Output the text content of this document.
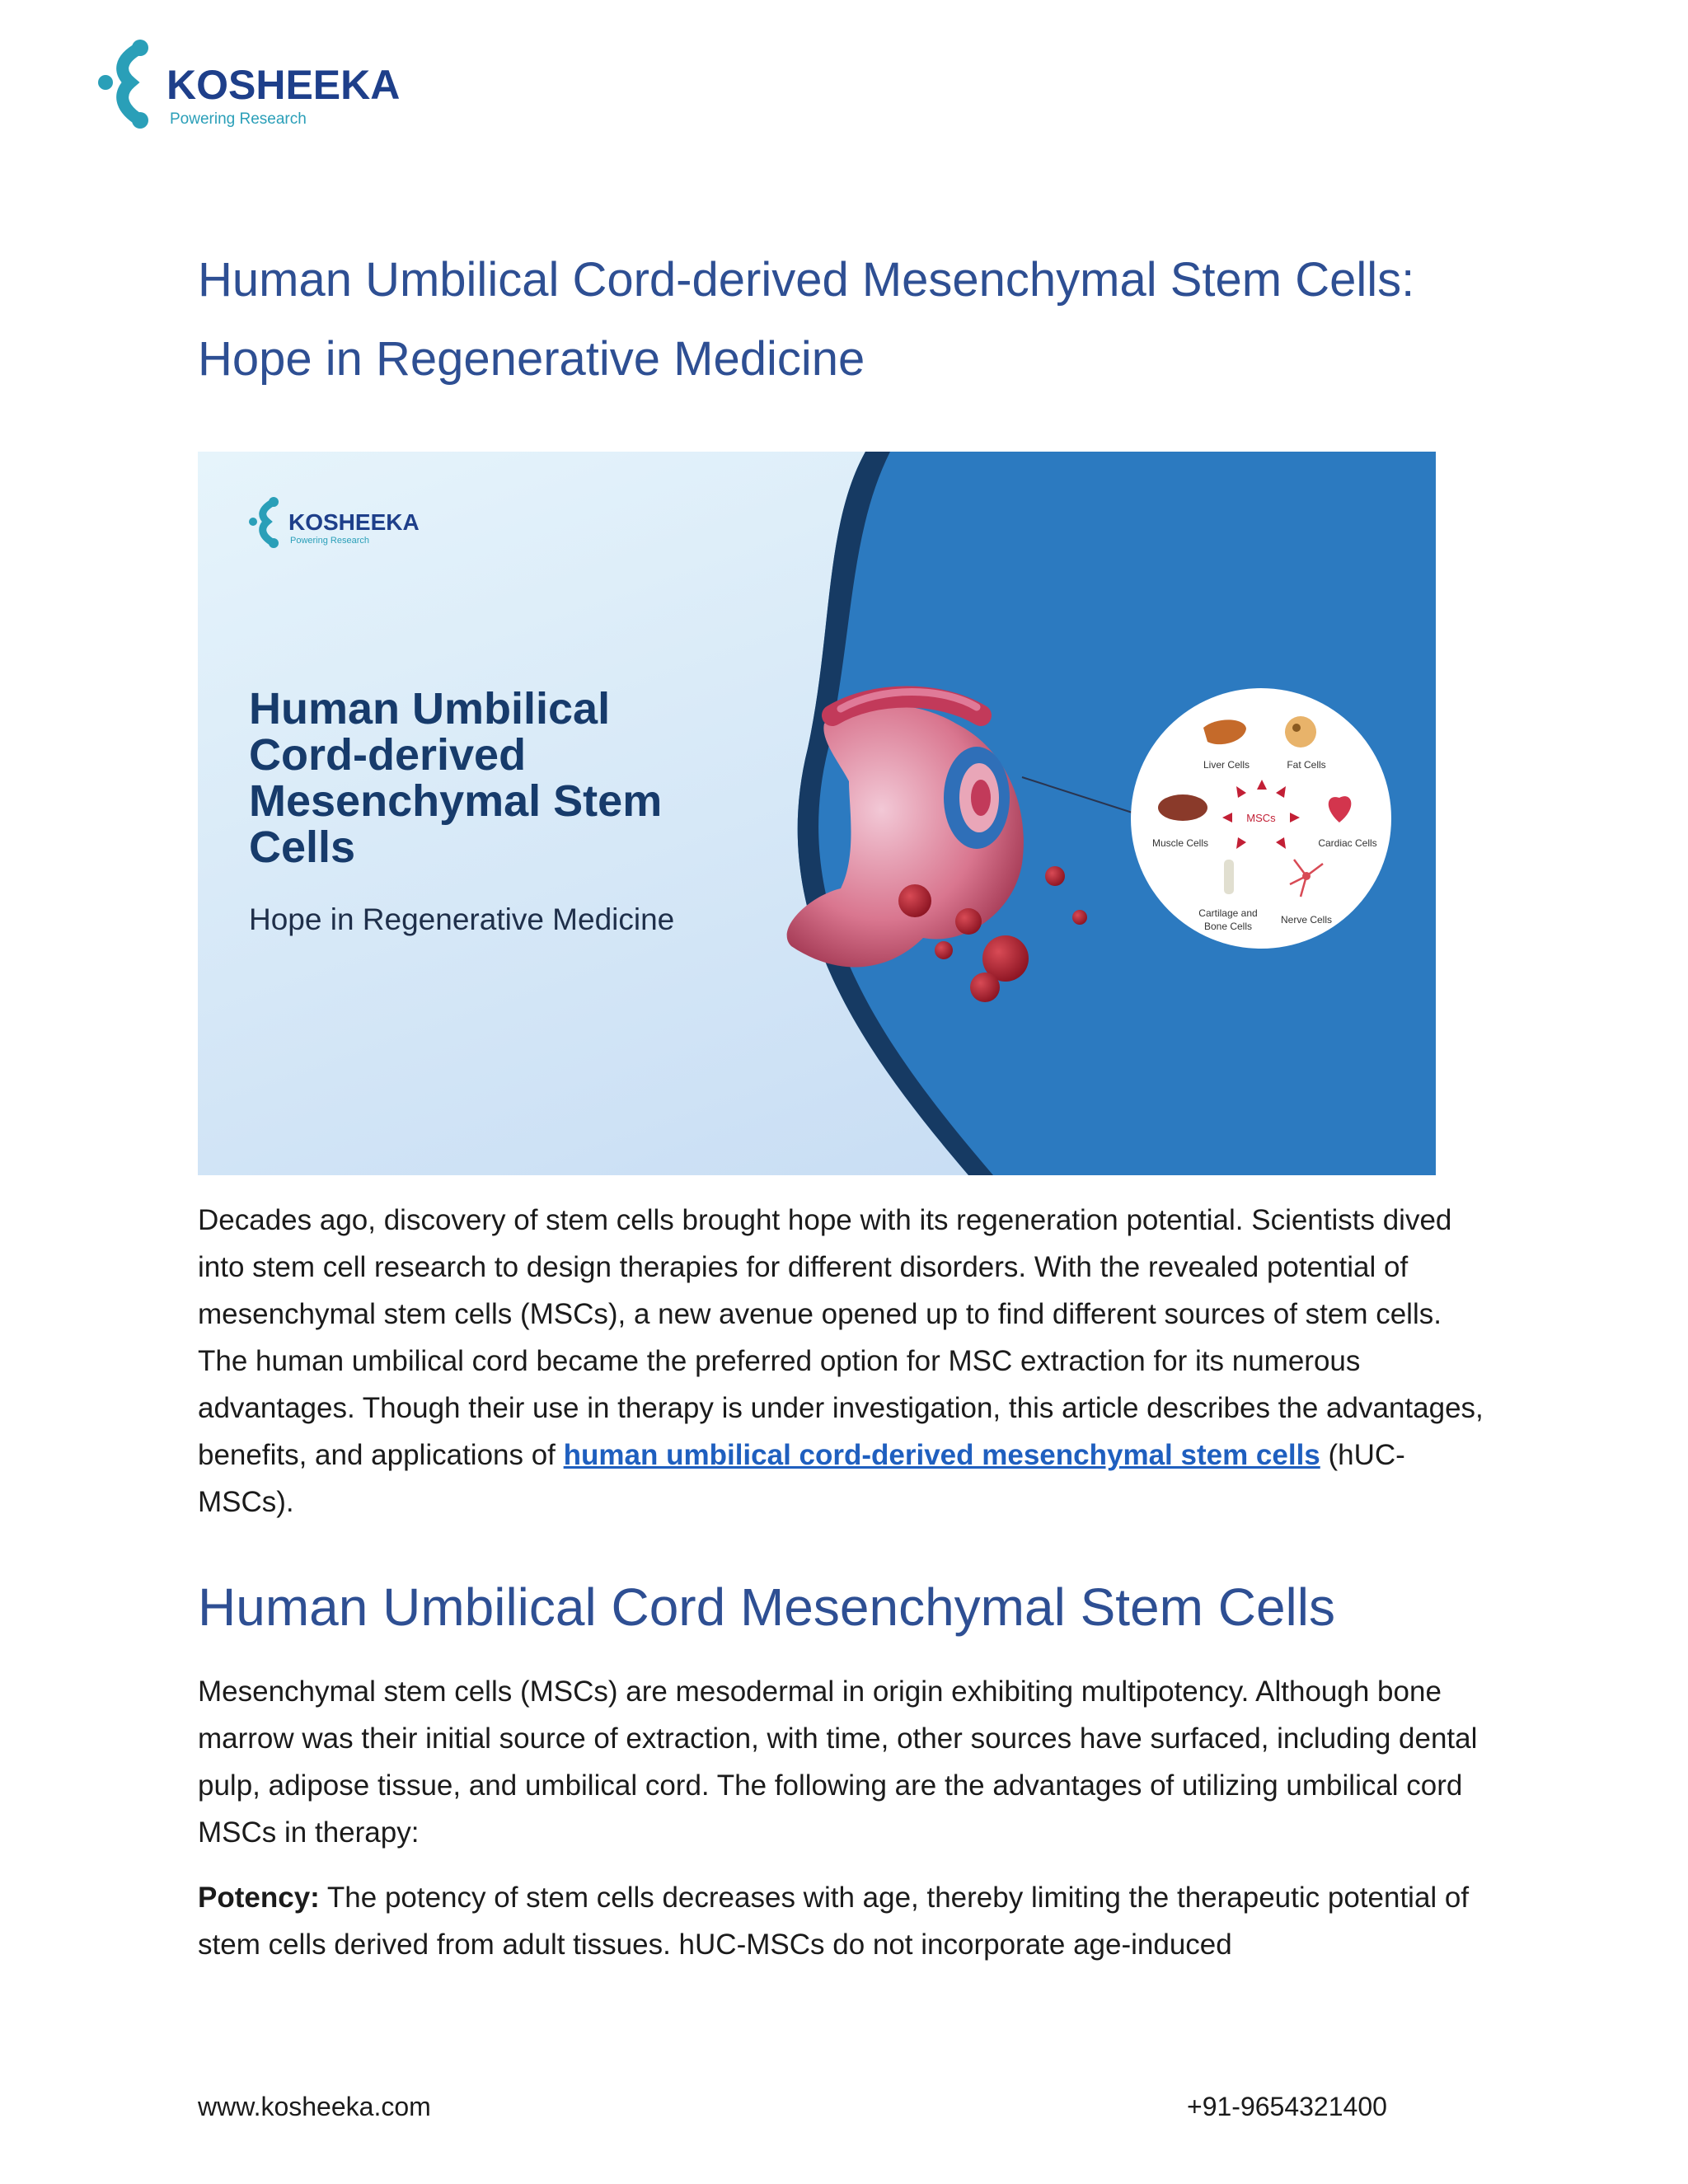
KOSHEEKA
Powering Research
Human Umbilical Cord-derived Mesenchymal Stem Cells:
Hope in Regenerative Medicine
KOSHEEKA
Powering Research
Human Umbilical
Cord-derived
Mesenchymal Stem
Cells
Hope in Regenerative Medicine
MSCs
Liver Cells	Fat Cells
Muscle Cells	Cardiac Cells
Cartilage and
Bone Cells
Nerve Cells

Decades ago, discovery of stem cells brought hope with its regeneration potential. Scientists dived into stem cell research to design therapies for different disorders. With the revealed potential of mesenchymal stem cells (MSCs), a new avenue opened up to find different sources of stem cells. The human umbilical cord became the preferred option for MSC extraction for its numerous advantages. Though their use in therapy is under investigation, this article describes the advantages, benefits, and applications of human umbilical cord-derived mesenchymal stem cells (hUC-MSCs).

Human Umbilical Cord Mesenchymal Stem Cells

Mesenchymal stem cells (MSCs) are mesodermal in origin exhibiting multipotency. Although bone marrow was their initial source of extraction, with time, other sources have surfaced, including dental pulp, adipose tissue, and umbilical cord. The following are the advantages of utilizing umbilical cord MSCs in therapy:

Potency: The potency of stem cells decreases with age, thereby limiting the therapeutic potential of stem cells derived from adult tissues. hUC-MSCs do not incorporate age-induced

www.kosheeka.com	+91-9654321400
